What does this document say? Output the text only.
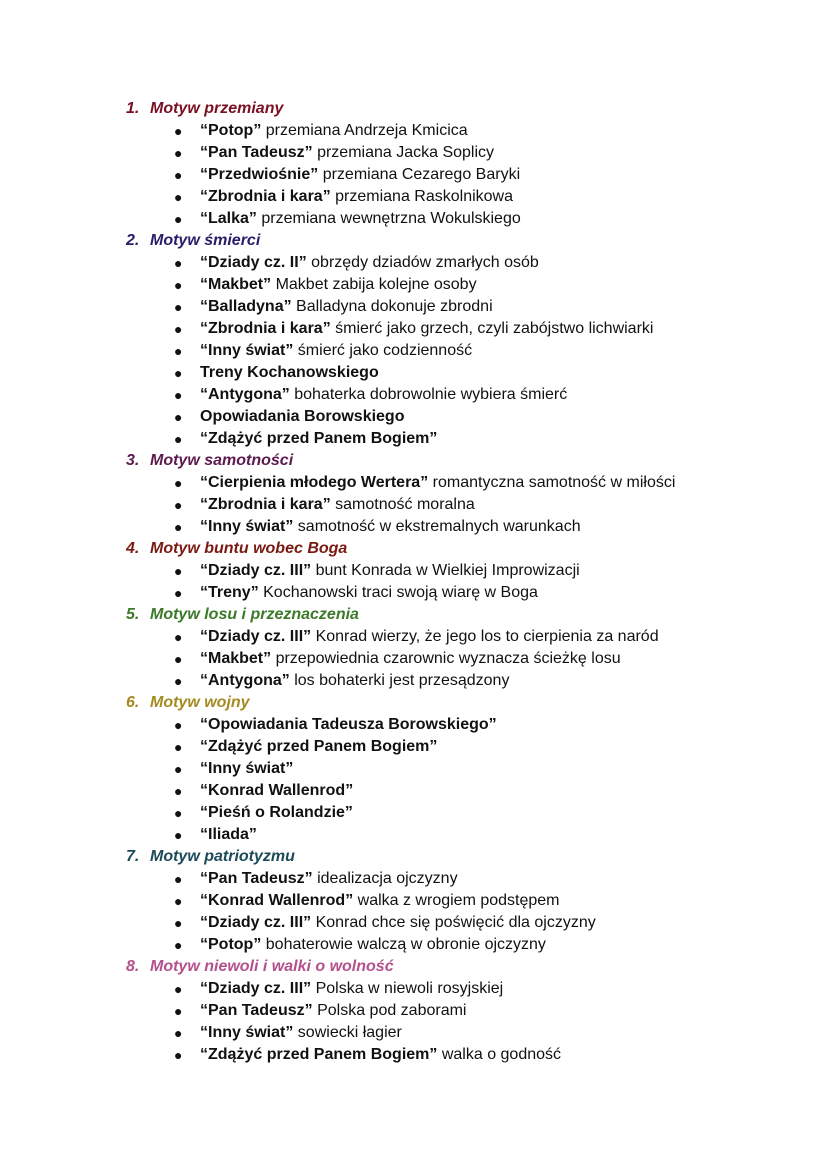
1. Motyw przemiany
● “Potop” przemiana Andrzeja Kmicica
● “Pan Tadeusz” przemiana Jacka Soplicy
● “Przedwiośnie” przemiana Cezarego Baryki
● “Zbrodnia i kara” przemiana Raskolnikowa
● “Lalka” przemiana wewnętrzna Wokulskiego
2. Motyw śmierci
● “Dziady cz. II” obrzędy dziadów zmarłych osób
● “Makbet” Makbet zabija kolejne osoby
● “Balladyna” Balladyna dokonuje zbrodni
● “Zbrodnia i kara” śmierć jako grzech, czyli zabójstwo lichwiarki
● “Inny świat” śmierć jako codzienność
● Treny Kochanowskiego
● “Antygona” bohaterka dobrowolnie wybiera śmierć
● Opowiadania Borowskiego
● “Zdążyć przed Panem Bogiem”
3. Motyw samotności
● “Cierpienia młodego Wertera” romantyczna samotność w miłości
● “Zbrodnia i kara” samotność moralna
● “Inny świat” samotność w ekstremalnych warunkach
4. Motyw buntu wobec Boga
● “Dziady cz. III” bunt Konrada w Wielkiej Improwizacji
● “Treny” Kochanowski traci swoją wiarę w Boga
5. Motyw losu i przeznaczenia
● “Dziady cz. III” Konrad wierzy, że jego los to cierpienia za naród
● “Makbet” przepowiednia czarownic wyznacza ścieżkę losu
● “Antygona” los bohaterki jest przesądzony
6. Motyw wojny
● “Opowiadania Tadeusza Borowskiego”
● “Zdążyć przed Panem Bogiem”
● “Inny świat”
● “Konrad Wallenrod”
● “Pieśń o Rolandzie”
● “Iliada”
7. Motyw patriotyzmu
● “Pan Tadeusz” idealizacja ojczyzny
● “Konrad Wallenrod” walka z wrogiem podstępem
● “Dziady cz. III” Konrad chce się poświęcić dla ojczyzny
● “Potop” bohaterowie walczą w obronie ojczyzny
8. Motyw niewoli i walki o wolność
● “Dziady cz. III” Polska w niewoli rosyjskiej
● “Pan Tadeusz” Polska pod zaborami
● “Inny świat” sowiecki łagier
● “Zdążyć przed Panem Bogiem” walka o godność
